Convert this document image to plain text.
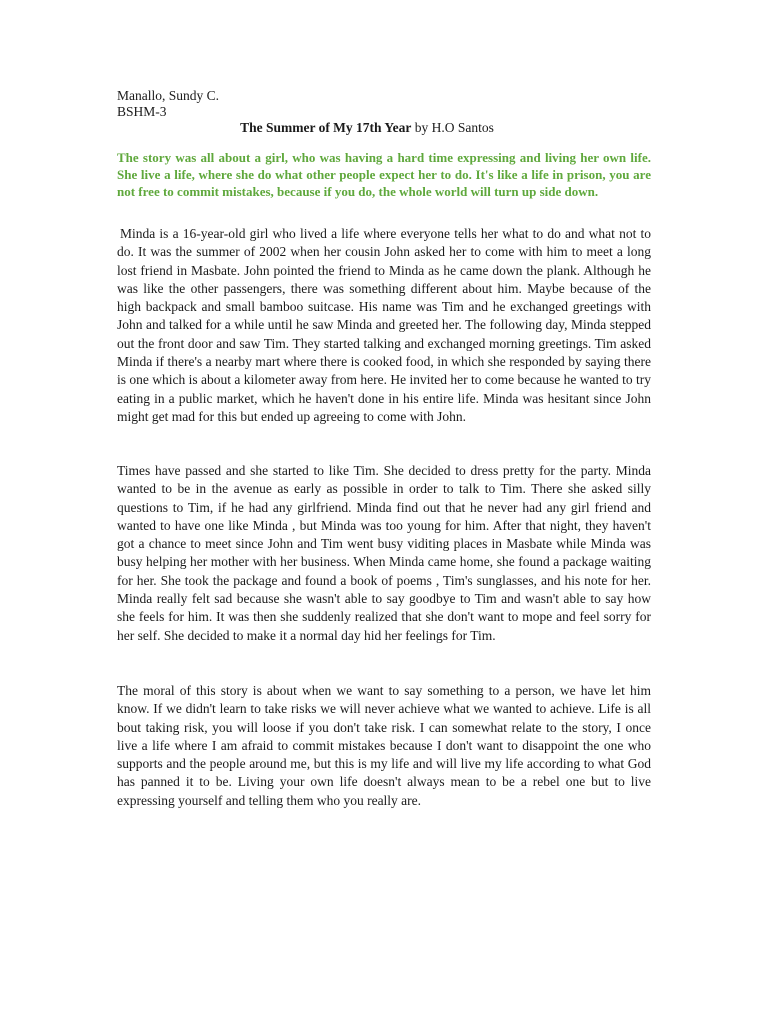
Manallo, Sundy C.

BSHM-3

The Summer of My 17th Year by H.O Santos

The story was all about a girl, who was having a hard time expressing and living her own life. She live a life, where she do what other people expect her to do. It's like a life in prison, you are not free to commit mistakes, because if you do, the whole world will turn up side down.

Minda is a 16-year-old girl who lived a life where everyone tells her what to do and what not to do. It was the summer of 2002 when her cousin John asked her to come with him to meet a long lost friend in Masbate. John pointed the friend to Minda as he came down the plank. Although he was like the other passengers, there was something different about him. Maybe because of the high backpack and small bamboo suitcase. His name was Tim and he exchanged greetings with John and talked for a while until he saw Minda and greeted her. The following day, Minda stepped out the front door and saw Tim. They started talking and exchanged morning greetings. Tim asked Minda if there's a nearby mart where there is cooked food, in which she responded by saying there is one which is about a kilometer away from here. He invited her to come because he wanted to try eating in a public market, which he haven't done in his entire life. Minda was hesitant since John might get mad for this but ended up agreeing to come with John.

Times have passed and she started to like Tim. She decided to dress pretty for the party. Minda wanted to be in the avenue as early as possible in order to talk to Tim. There she asked silly questions to Tim, if he had any girlfriend. Minda find out that he never had any girl friend and wanted to have one like Minda , but Minda was too young for him. After that night, they haven't got a chance to meet since John and Tim went busy viditing places in Masbate while Minda was busy helping her mother with her business. When Minda came home, she found a package waiting for her. She took the package and found a book of poems , Tim's sunglasses, and his note for her. Minda really felt sad because she wasn't able to say goodbye to Tim and wasn't able to say how she feels for him. It was then she suddenly realized that she don't want to mope and feel sorry for her self. She decided to make it a normal day hid her feelings for Tim.

The moral of this story is about when we want to say something to a person, we have let him know. If we didn't learn to take risks we will never achieve what we wanted to achieve. Life is all bout taking risk, you will loose if you don't take risk. I can somewhat relate to the story, I once live a life where I am afraid to commit mistakes because I don't want to disappoint the one who supports and the people around me, but this is my life and will live my life according to what God has panned it to be. Living your own life doesn't always mean to be a rebel one but to live expressing yourself and telling them who you really are.
